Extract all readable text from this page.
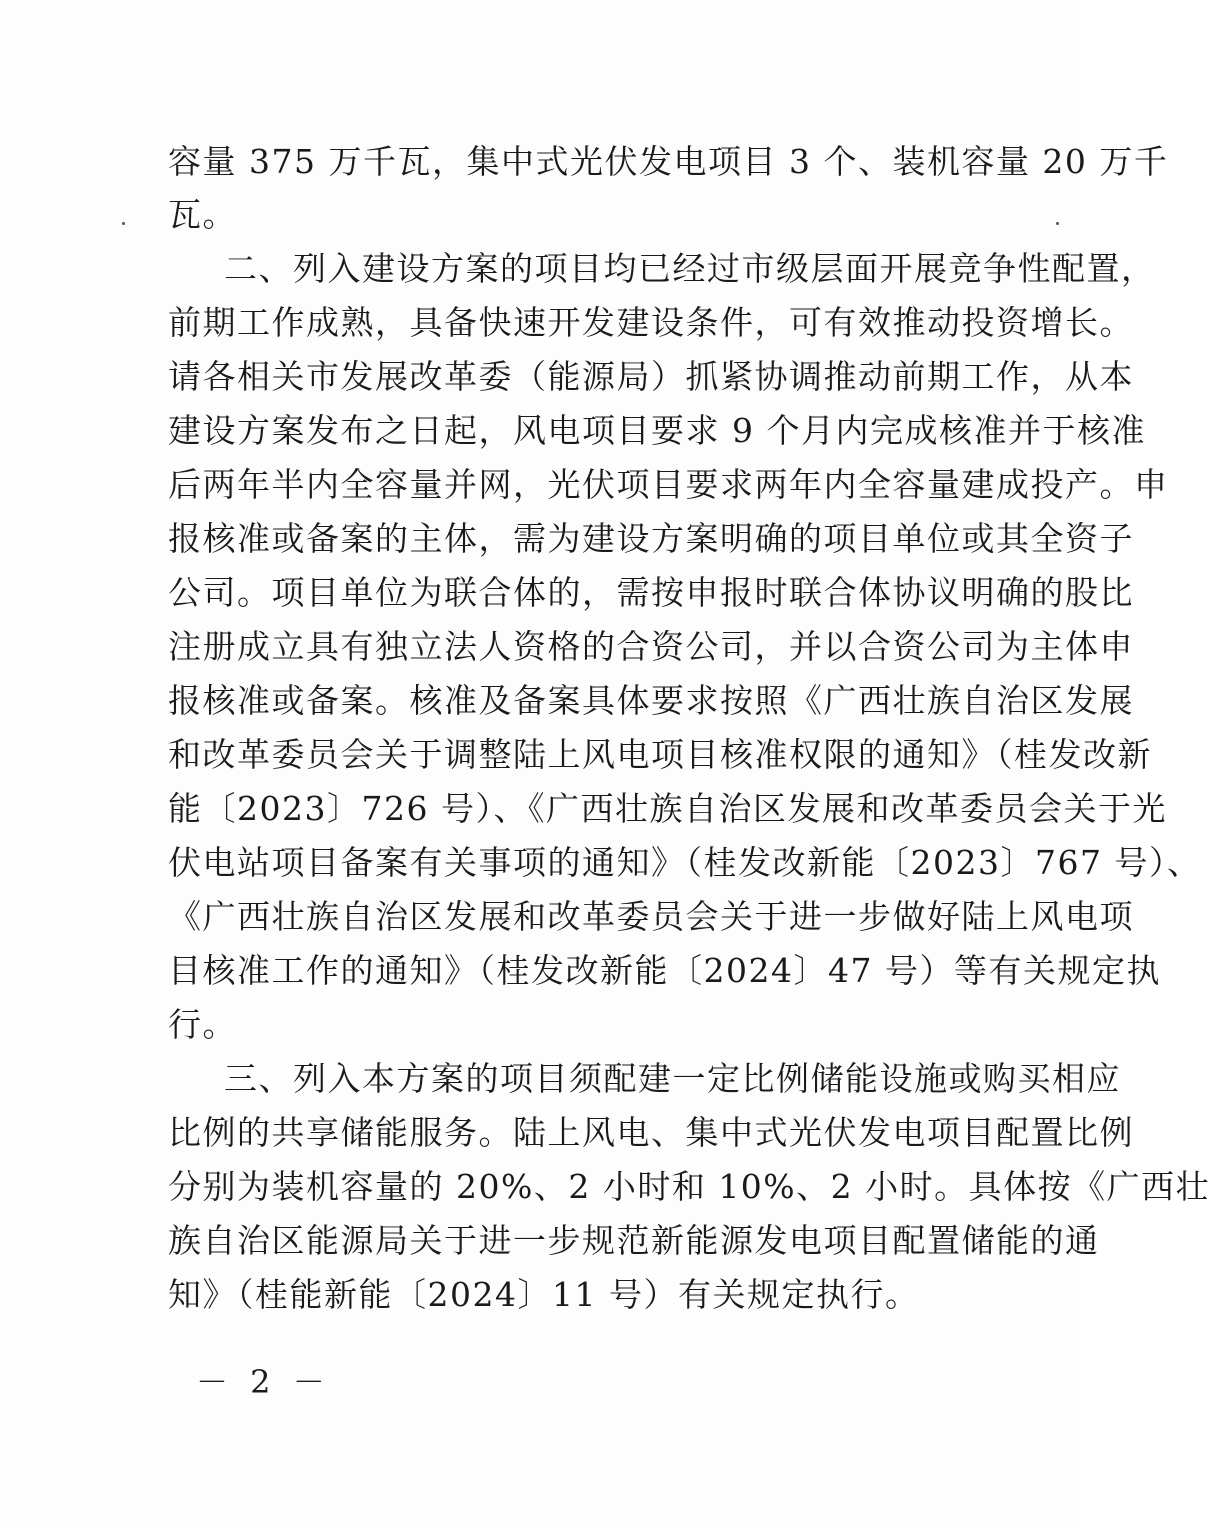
容量 375 万千瓦，集中式光伏发电项目 3 个、装机容量 20 万千
瓦。
二、列入建设方案的项目均已经过市级层面开展竞争性配置，
前期工作成熟，具备快速开发建设条件，可有效推动投资增长。
请各相关市发展改革委（能源局）抓紧协调推动前期工作，从本
建设方案发布之日起，风电项目要求 9 个月内完成核准并于核准
后两年半内全容量并网，光伏项目要求两年内全容量建成投产。申
报核准或备案的主体，需为建设方案明确的项目单位或其全资子
公司。项目单位为联合体的，需按申报时联合体协议明确的股比
注册成立具有独立法人资格的合资公司，并以合资公司为主体申
报核准或备案。核准及备案具体要求按照《广西壮族自治区发展
和改革委员会关于调整陆上风电项目核准权限的通知》（桂发改新
能〔2023〕726 号）、《广西壮族自治区发展和改革委员会关于光
伏电站项目备案有关事项的通知》（桂发改新能〔2023〕767 号）、
《广西壮族自治区发展和改革委员会关于进一步做好陆上风电项
目核准工作的通知》（桂发改新能〔2024〕47 号）等有关规定执
行。
三、列入本方案的项目须配建一定比例储能设施或购买相应
比例的共享储能服务。陆上风电、集中式光伏发电项目配置比例
分别为装机容量的 20%、2 小时和 10%、2 小时。具体按《广西壮
族自治区能源局关于进一步规范新能源发电项目配置储能的通
知》（桂能新能〔2024〕11 号）有关规定执行。
－ 2 －
